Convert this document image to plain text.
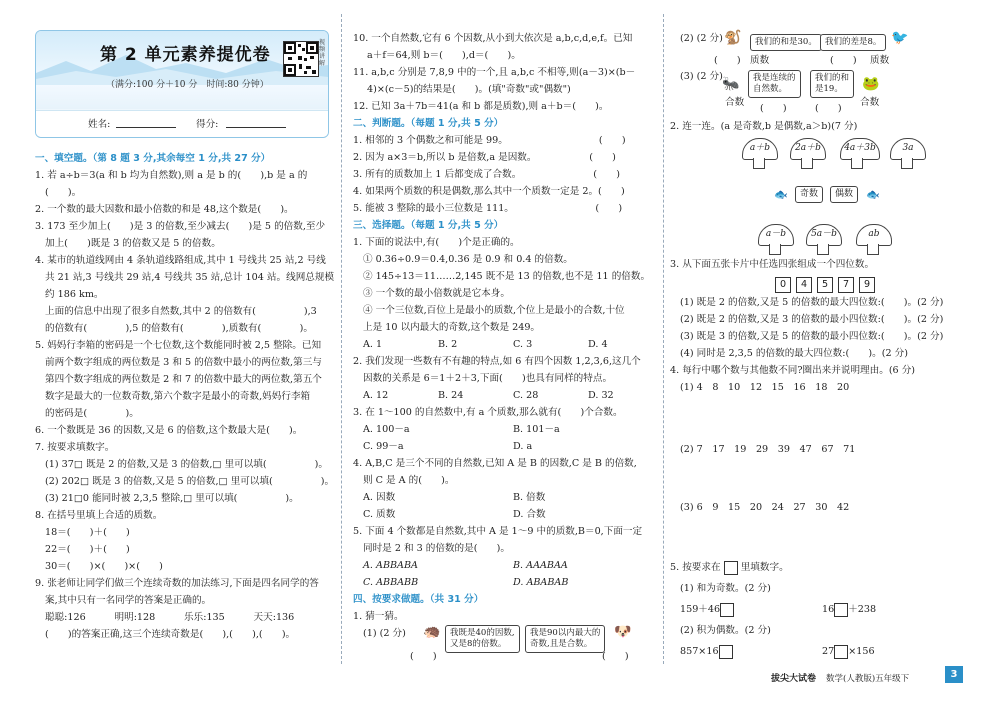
第 2 单元素养提优卷
（满分:100 分＋10 分　时间:80 分钟）
视频讲解
姓名:	得分:
一、填空题。（第 8 题 3 分,其余每空 1 分,共 27 分）
1. 若 a÷b＝3(a 和 b 均为自然数),则 a 是 b 的(　　),b 是 a 的
(　　)。
2. 一个数的最大因数和最小倍数的和是 48,这个数是(　　)。
3. 173 至少加上(　　)是 3 的倍数,至少减去(　　)是 5 的倍数,至少
加上(　　)既是 3 的倍数又是 5 的倍数。
4. 某市的轨道线网由 4 条轨道线路组成,其中 1 号线共 25 站,2 号线
共 21 站,3 号线共 29 站,4 号线共 35 站,总计 104 站。线网总规模
约 186 km。
上面的信息中出现了很多自然数,其中 2 的倍数有(　　　　　),3
的倍数有(　　　　),5 的倍数有(　　　　),质数有(　　　　)。
5. 妈妈行李箱的密码是一个七位数,这个数能同时被 2,5 整除。已知
前两个数字组成的两位数是 3 和 5 的倍数中最小的两位数,第三与
第四个数字组成的两位数是 2 和 7 的倍数中最大的两位数,第五个
数字是最大的一位数奇数,第六个数字是最小的奇数,妈妈行李箱
的密码是(　　　　)。
6. 一个数既是 36 的因数,又是 6 的倍数,这个数最大是(　　)。
7. 按要求填数字。
(1) 37□ 既是 2 的倍数,又是 3 的倍数,□ 里可以填(　　　　　)。
(2) 202□ 既是 3 的倍数,又是 5 的倍数,□ 里可以填(　　　　　)。
(3) 21□0 能同时被 2,3,5 整除,□ 里可以填(　　　　　)。
8. 在括号里填上合适的质数。
18＝(　　)＋(　　)
22＝(　　)＋(　　)
30＝(　　)×(　　)×(　　)
9. 张老师让同学们做三个连续奇数的加法练习,下面是四名同学的答
案,其中只有一名同学的答案是正确的。
聪聪:126　　　明明:128　　　乐乐:135　　　天天:136
(　　)的答案正确,这三个连续奇数是(　　),(　　),(　　)。
10. 一个自然数,它有 6 个因数,从小到大依次是 a,b,c,d,e,f。已知
a＋f＝64,则 b＝(　　),d＝(　　)。
11. a,b,c 分别是 7,8,9 中的一个,且 a,b,c 不相等,则(a－3)×(b－
4)×(c－5)的结果是(　　)。(填"奇数"或"偶数")
12. 已知 3a＋7b＝41(a 和 b 都是质数),则 a＋b＝(　　)。
二、判断题。（每题 1 分,共 5 分）
1. 相邻的 3 个偶数之和可能是 99。　　　　　　　　　　(　　)
2. 因为 a×3＝b,所以 b 是倍数,a 是因数。　　　　　　(　　)
3. 所有的质数加上 1 后都变成了合数。　　　　　　　　(　　)
4. 如果两个质数的积是偶数,那么其中一个质数一定是 2。(　　)
5. 能被 3 整除的最小三位数是 111。　　　　　　　　　(　　)
三、选择题。（每题 1 分,共 5 分）
1. 下面的说法中,有(　　)个是正确的。
① 0.36÷0.9＝0.4,0.36 是 0.9 和 0.4 的倍数。
② 145÷13＝11……2,145 既不是 13 的倍数,也不是 11 的倍数。
③ 一个数的最小倍数就是它本身。
④ 一个三位数,百位上是最小的质数,个位上是最小的合数,十位
上是 10 以内最大的奇数,这个数是 249。
A. 1	B. 2	C. 3	D. 4
2. 我们发现一些数有不有趣的特点,如 6 有四个因数 1,2,3,6,这几个
因数的关系是 6＝1＋2＋3,下面(　　)也具有同样的特点。
A. 12	B. 24	C. 28	D. 32
3. 在 1～100 的自然数中,有 a 个质数,那么就有(　　)个合数。
A. 100－a	B. 101－a
C. 99－a	D. a
4. A,B,C 是三个不同的自然数,已知 A 是 B 的因数,C 是 B 的倍数,
则 C 是 A 的(　　)。
A. 因数	B. 倍数
C. 质数	D. 合数
5. 下面 4 个数都是自然数,其中 A 是 1～9 中的质数,B＝0,下面一定
同时是 2 和 3 的倍数的是(　　)。
A. ABBABA	B. AAABAA
C. ABBABB	D. ABABAB
四、按要求做题。（共 31 分）
1. 猜一猜。
(1) (2 分)	🦔 我既是40的因数,
又是8的倍数。
我是90以内最大的
奇数,且是合数。
🐶
(　　)	(　　)
(2) (2 分) 🐒	我们的和是30。 我们的差是8。 🐦
质数	质数
(　　)	(　　)
(3) (2 分) 🐜 我是连续的
自然数。
我们的和
是19。	🐸
合数	合数
(　　)	(　　)
2. 连一连。(a 是奇数,b 是偶数,a＞b)(7 分)
a＋b	2a＋b	4a＋3b	3a
🐟	奇数	偶数	🐟
a－b	5a－b	ab
3. 从下面五张卡片中任选四张组成一个四位数。
0 4 5 7 9
(1) 既是 2 的倍数,又是 5 的倍数的最大四位数:(　　)。(2 分)
(2) 既是 2 的倍数,又是 3 的倍数的最小四位数:(　　)。(2 分)
(3) 既是 3 的倍数,又是 5 的倍数的最小四位数:(　　)。(2 分)
(4) 同时是 2,3,5 的倍数的最大四位数:(　　)。(2 分)
4. 每行中哪个数与其他数不同?圈出来并说明理由。(6 分)
(1) 4　8　10　12　15　16　18　20
(2) 7　17　19　29　39　47　67　71
(3) 6　9　15　20　24　27　30　42
5. 按要求在 里填数字。
(1) 和为奇数。(2 分)
159＋46	16 ＋238
(2) 积为偶数。(2 分)
857×16	27 ×156
拔尖大试卷 数学(人教版)五年级下	3
